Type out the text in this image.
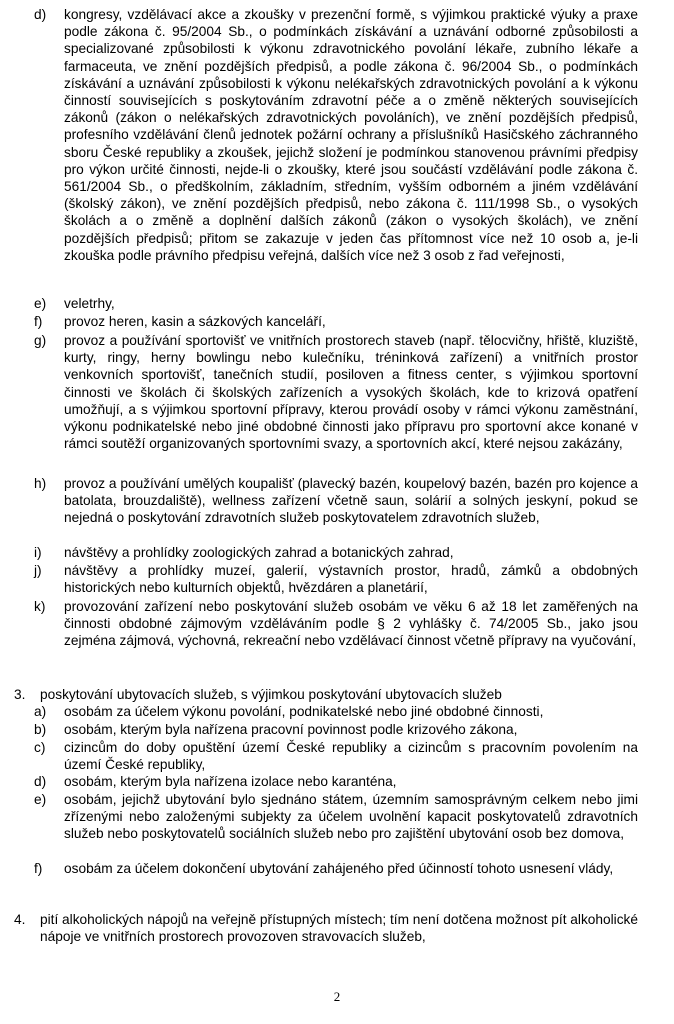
d)	kongresy, vzdělávací akce a zkoušky v prezenční formě, s výjimkou praktické výuky a praxe podle zákona č. 95/2004 Sb., o podmínkách získávání a uznávání odborné způsobilosti a specializované způsobilosti k výkonu zdravotnického povolání lékaře, zubního lékaře a farmaceuta, ve znění pozdějších předpisů, a podle zákona č. 96/2004 Sb., o podmínkách získávání a uznávání způsobilosti k výkonu nelékařských zdravotnických povolání a k výkonu činností souvisejících s poskytováním zdravotní péče a o změně některých souvisejících zákonů (zákon o nelékařských zdravotnických povoláních), ve znění pozdějších předpisů, profesního vzdělávání členů jednotek požární ochrany a příslušníků Hasičského záchranného sboru České republiky a zkoušek, jejichž složení je podmínkou stanovenou právními předpisy pro výkon určité činnosti, nejde-li o zkoušky, které jsou součástí vzdělávání podle zákona č. 561/2004 Sb., o předškolním, základním, středním, vyšším odborném a jiném vzdělávání (školský zákon), ve znění pozdějších předpisů, nebo zákona č. 111/1998 Sb., o vysokých školách a o změně a doplnění dalších zákonů (zákon o vysokých školách), ve znění pozdějších předpisů; přitom se zakazuje v jeden čas přítomnost více než 10 osob a, je-li zkouška podle právního předpisu veřejná, dalších více než 3 osob z řad veřejnosti,
e)	veletrhy,
f)	provoz heren, kasin a sázkových kanceláří,
g)	provoz a používání sportovišť ve vnitřních prostorech staveb (např. tělocvičny, hřiště, kluziště, kurty, ringy, herny bowlingu nebo kulečníku, tréninková zařízení) a vnitřních prostor venkovních sportovišť, tanečních studií, posiloven a fitness center, s výjimkou sportovní činnosti ve školách či školských zařízeních a vysokých školách, kde to krizová opatření umožňují, a s výjimkou sportovní přípravy, kterou provádí osoby v rámci výkonu zaměstnání, výkonu podnikatelské nebo jiné obdobné činnosti jako přípravu pro sportovní akce konané v rámci soutěží organizovaných sportovními svazy, a sportovních akcí, které nejsou zakázány,
h)	provoz a používání umělých koupališť (plavecký bazén, koupelový bazén, bazén pro kojence a batolata, brouzdaliště), wellness zařízení včetně saun, solárií a solných jeskyní, pokud se nejedná o poskytování zdravotních služeb poskytovatelem zdravotních služeb,
i)	návštěvy a prohlídky zoologických zahrad a botanických zahrad,
j)	návštěvy a prohlídky muzeí, galerií, výstavních prostor, hradů, zámků a obdobných historických nebo kulturních objektů, hvězdáren a planetárií,
k)	provozování zařízení nebo poskytování služeb osobám ve věku 6 až 18 let zaměřených na činnosti obdobné zájmovým vzděláváním podle § 2 vyhlášky č. 74/2005 Sb., jako jsou zejména zájmová, výchovná, rekreační nebo vzdělávací činnost včetně přípravy na vyučování,
3.	poskytování ubytovacích služeb, s výjimkou poskytování ubytovacích služeb
a)	osobám za účelem výkonu povolání, podnikatelské nebo jiné obdobné činnosti,
b)	osobám, kterým byla nařízena pracovní povinnost podle krizového zákona,
c)	cizincům do doby opuštění území České republiky a cizincům s pracovním povolením na území České republiky,
d)	osobám, kterým byla nařízena izolace nebo karanténa,
e)	osobám, jejichž ubytování bylo sjednáno státem, územním samosprávným celkem nebo jimi zřízenými nebo založenými subjekty za účelem uvolnění kapacit poskytovatelů zdravotních služeb nebo poskytovatelů sociálních služeb nebo pro zajištění ubytování osob bez domova,
f)	osobám za účelem dokončení ubytování zahájeného před účinností tohoto usnesení vlády,
4.	pití alkoholických nápojů na veřejně přístupných místech; tím není dotčena možnost pít alkoholické nápoje ve vnitřních prostorech provozoven stravovacích služeb,
2
